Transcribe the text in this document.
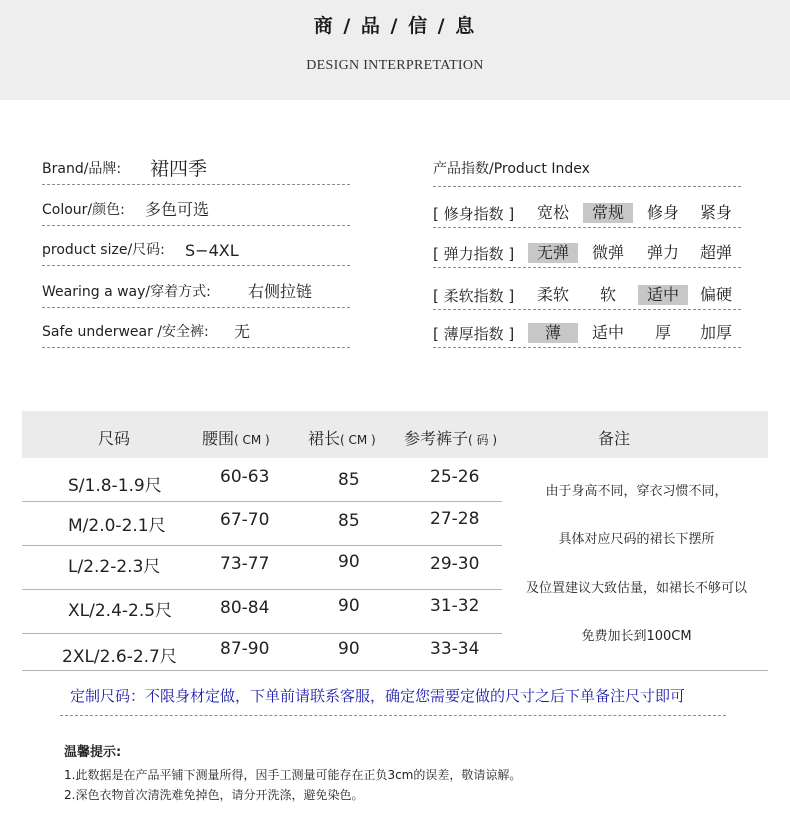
商 / 品 / 信 / 息
DESIGN INTERPRETATION
Brand/品牌: 裙四季
Colour/颜色: 多色可选
product size/尺码: S−4XL
Wearing a way/穿着方式: 右侧拉链
Safe underwear /安全裤: 无
产品指数/Product Index
[ 修身指数 ]	宽松	常规	修身	紧身
[ 弹力指数 ]	无弹	微弹	弹力	超弹
[ 柔软指数 ]	柔软	软	适中	偏硬
[ 薄厚指数 ]	薄	适中	厚	加厚
尺码	腰围( CM ) 裙长( CM ) 参考裤子( 码 )	备注
S/1.8-1.9尺	60-63	85	25-26
M/2.0-2.1尺	67-70	85	27-28
L/2.2-2.3尺	73-77	90	29-30
XL/2.4-2.5尺	80-84	90	31-32
2XL/2.6-2.7尺	87-90	90	33-34
由于身高不同，穿衣习惯不同，
具体对应尺码的裙长下摆所
及位置建议大致估量，如裙长不够可以
免费加长到100CM
定制尺码：不限身材定做，下单前请联系客服，确定您需要定做的尺寸之后下单备注尺寸即可
温馨提示:
1.此数据是在产品平铺下测量所得，因手工测量可能存在正负3cm的误差，敬请谅解。
2.深色衣物首次清洗难免掉色，请分开洗涤，避免染色。
